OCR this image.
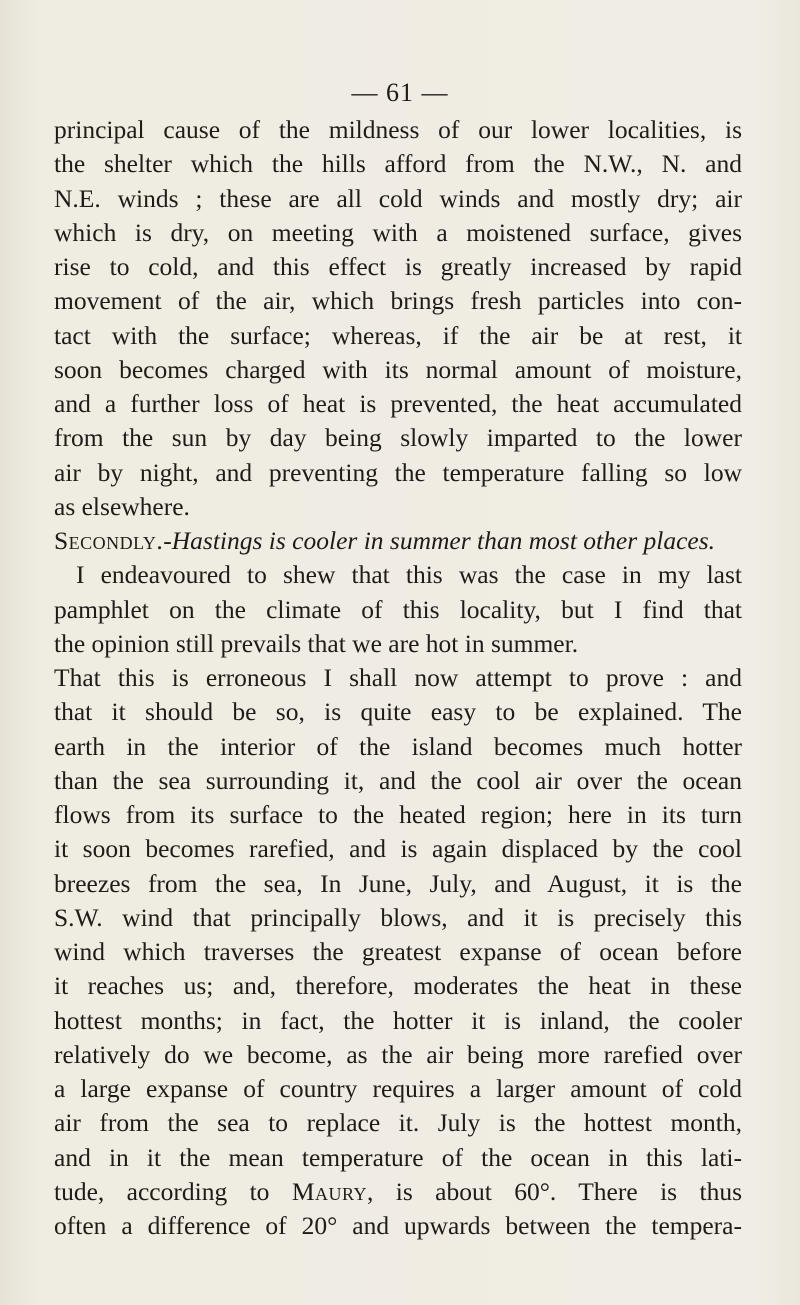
— 61 —
principal cause of the mildness of our lower localities, is
the shelter which the hills afford from the N.W., N. and
N.E. winds ; these are all cold winds and mostly dry; air
which is dry, on meeting with a moistened surface, gives
rise to cold, and this effect is greatly increased by rapid
movement of the air, which brings fresh particles into con-
tact with the surface; whereas, if the air be at rest, it
soon becomes charged with its normal amount of moisture,
and a further loss of heat is prevented, the heat accumulated
from the sun by day being slowly imparted to the lower
air by night, and preventing the temperature falling so low
as elsewhere.
Secondly.-Hastings is cooler in summer than most other places.
I endeavoured to shew that this was the case in my last
pamphlet on the climate of this locality, but I find that
the opinion still prevails that we are hot in summer.
That this is erroneous I shall now attempt to prove : and
that it should be so, is quite easy to be explained. The
earth in the interior of the island becomes much hotter
than the sea surrounding it, and the cool air over the ocean
flows from its surface to the heated region; here in its turn
it soon becomes rarefied, and is again displaced by the cool
breezes from the sea, In June, July, and August, it is the
S.W. wind that principally blows, and it is precisely this
wind which traverses the greatest expanse of ocean before
it reaches us; and, therefore, moderates the heat in these
hottest months; in fact, the hotter it is inland, the cooler
relatively do we become, as the air being more rarefied over
a large expanse of country requires a larger amount of cold
air from the sea to replace it. July is the hottest month,
and in it the mean temperature of the ocean in this lati-
tude, according to Maury, is about 60°. There is thus
often a difference of 20° and upwards between the tempera-
